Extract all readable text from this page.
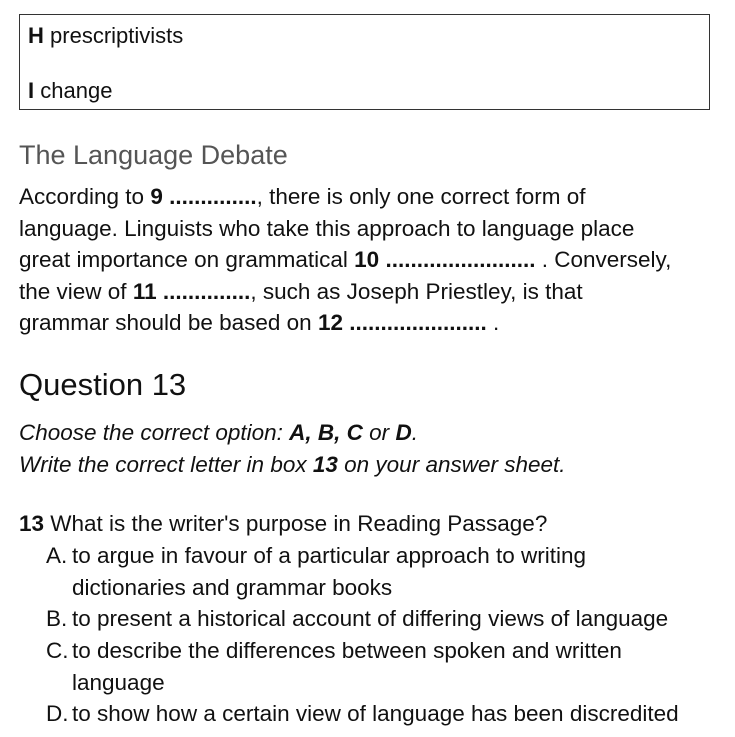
H prescriptivists
I change
The Language Debate

According to 9 .............., there is only one correct form of
language. Linguists who take this approach to language place
great importance on grammatical 10 ........................ . Conversely,
the view of 11 .............., such as Joseph Priestley, is that
grammar should be based on 12 ...................... .

Question 13
Choose the correct option: A, B, C or D.
Write the correct letter in box 13 on your answer sheet.
13 What is the writer's purpose in Reading Passage?
A. to argue in favour of a particular approach to writing
dictionaries and grammar books
B. to present a historical account of differing views of language
C. to describe the differences between spoken and written
language
D. to show how a certain view of language has been discredited
